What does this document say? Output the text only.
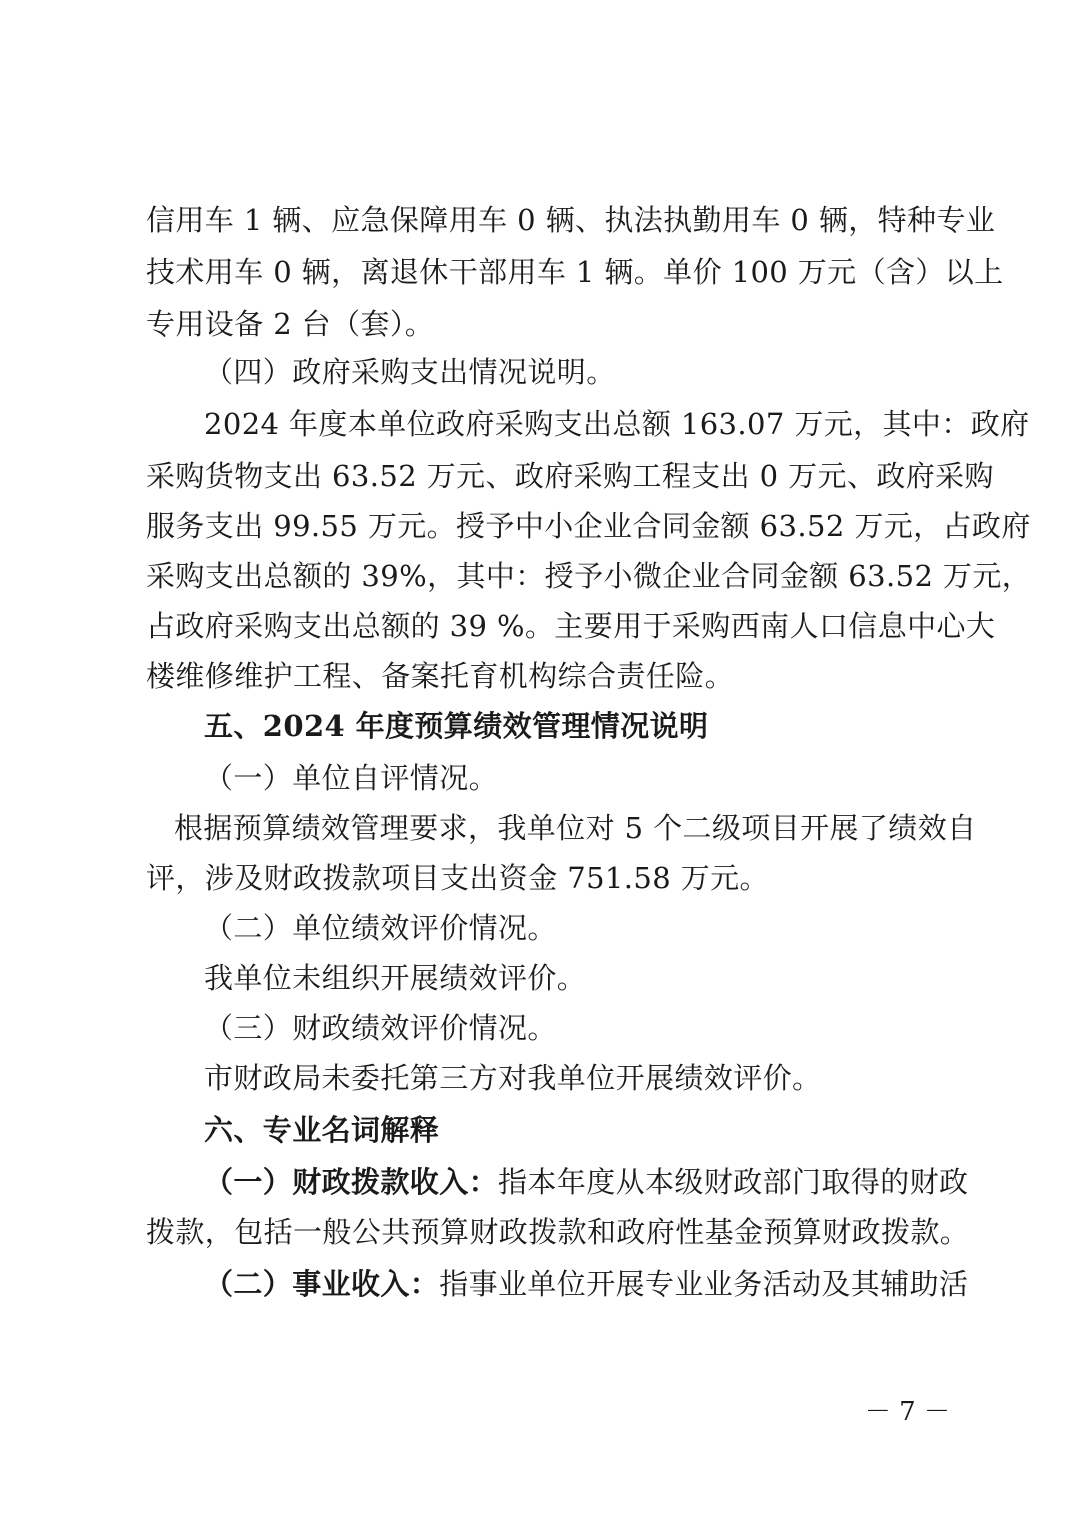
信用车 1 辆、应急保障用车 0 辆、执法执勤用车 0 辆，特种专业
技术用车 0 辆，离退休干部用车 1 辆。单价 100 万元（含）以上
专用设备 2 台（套）。
（四）政府采购支出情况说明。
2024 年度本单位政府采购支出总额 163.07 万元，其中：政府
采购货物支出 63.52 万元、政府采购工程支出 0 万元、政府采购
服务支出 99.55 万元。授予中小企业合同金额 63.52 万元，占政府
采购支出总额的 39%，其中：授予小微企业合同金额 63.52 万元，
占政府采购支出总额的 39 %。主要用于采购西南人口信息中心大
楼维修维护工程、备案托育机构综合责任险。
五、2024 年度预算绩效管理情况说明
（一）单位自评情况。
根据预算绩效管理要求，我单位对 5 个二级项目开展了绩效自
评，涉及财政拨款项目支出资金 751.58 万元。
（二）单位绩效评价情况。
我单位未组织开展绩效评价。
（三）财政绩效评价情况。
市财政局未委托第三方对我单位开展绩效评价。
六、专业名词解释
（一）财政拨款收入：指本年度从本级财政部门取得的财政
拨款，包括一般公共预算财政拨款和政府性基金预算财政拨款。
（二）事业收入：指事业单位开展专业业务活动及其辅助活
－ 7 －
